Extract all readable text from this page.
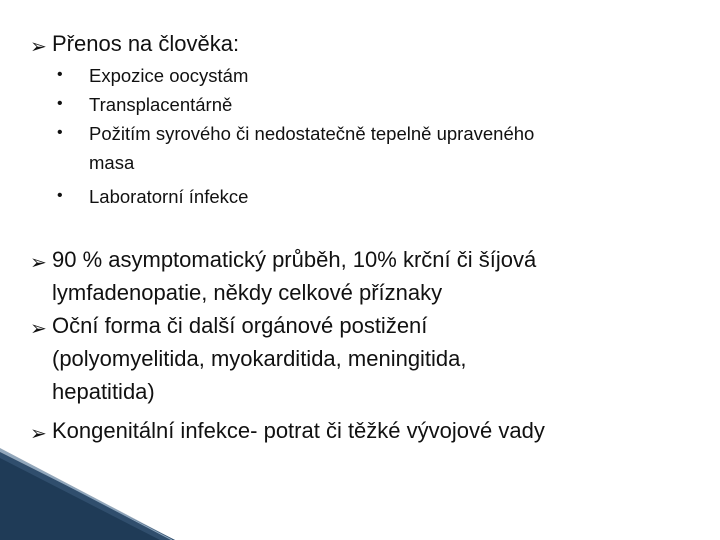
➢ Přenos na člověka:
• Expozice oocystám
• Transplacentárně
• Požitím syrového či nedostatečně tepelně upraveného
masa
• Laboratorní ínfekce
➢ 90 % asymptomatický průběh, 10% krční či šíjová
lymfadenopatie, někdy celkové příznaky
➢ Oční forma či další orgánové postižení
(polyomyelitida, myokarditida, meningitida,
hepatitida)
➢ Kongenitální infekce- potrat či těžké vývojové vady
